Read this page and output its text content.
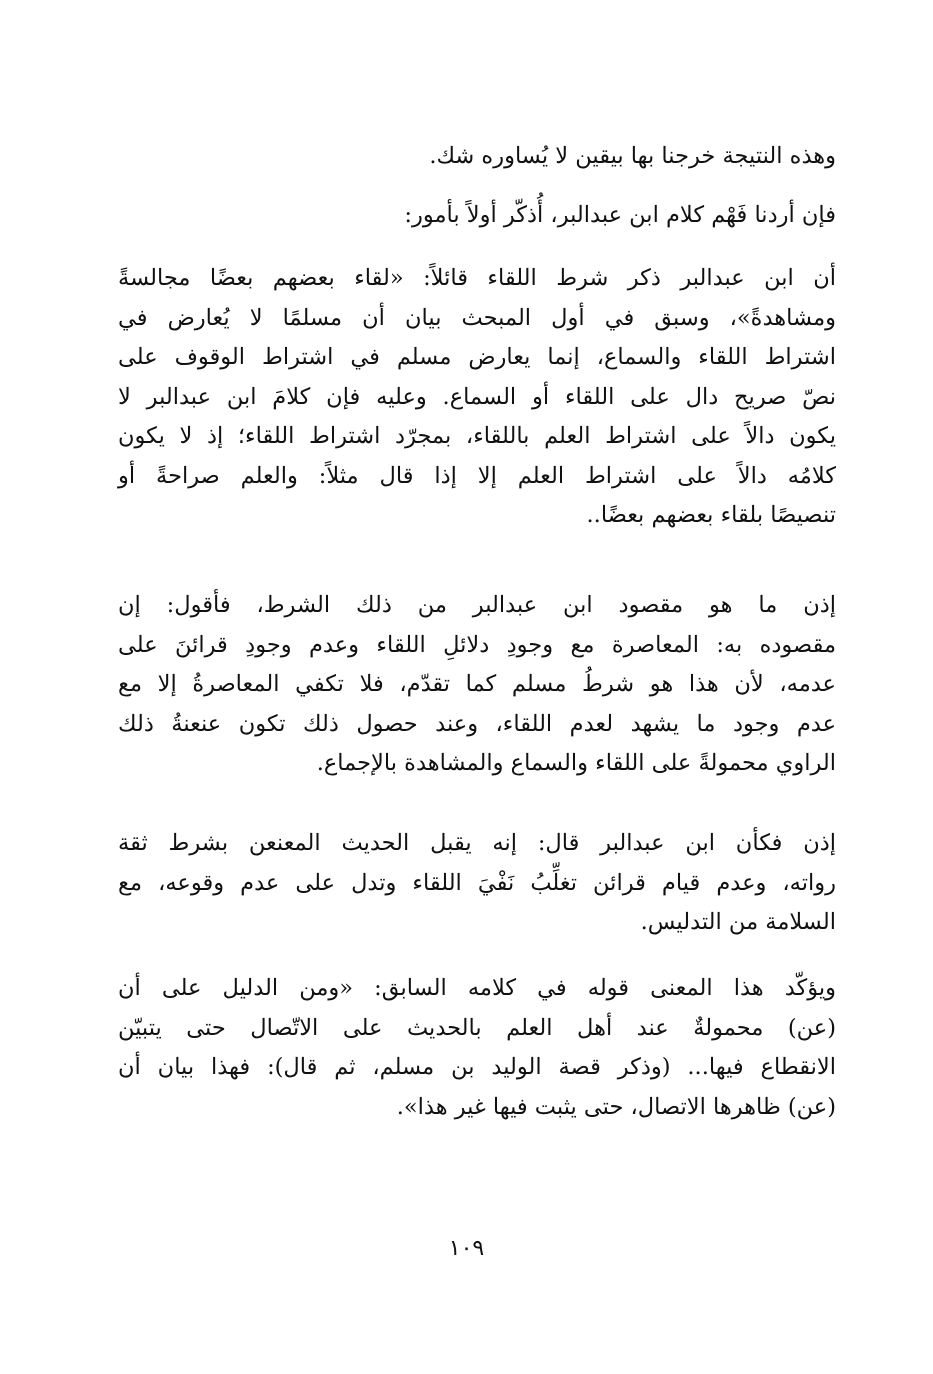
وهذه النتيجة خرجنا بها بيقين لا يُساوره شك.
فإن أردنا فَهْم كلام ابن عبدالبر، أُذكّر أولاً بأمور:
أن ابن عبدالبر ذكر شرط اللقاء قائلاً: «لقاء بعضهم بعضًا مجالسةً
ومشاهدةً»، وسبق في أول المبحث بيان أن مسلمًا لا يُعارض في
اشتراط اللقاء والسماع، إنما يعارض مسلم في اشتراط الوقوف على
نصّ صريح دال على اللقاء أو السماع. وعليه فإن كلامَ ابن عبدالبر لا
يكون دالاً على اشتراط العلم باللقاء، بمجرّد اشتراط اللقاء؛ إذ لا يكون
كلامُه دالاً على اشتراط العلم إلا إذا قال مثلاً: والعلم صراحةً أو
تنصيصًا بلقاء بعضهم بعضًا..
إذن ما هو مقصود ابن عبدالبر من ذلك الشرط، فأقول: إن
مقصوده به: المعاصرة مع وجودِ دلائلِ اللقاء وعدم وجودِ قرائنَ على
عدمه، لأن هذا هو شرطُ مسلم كما تقدّم، فلا تكفي المعاصرةُ إلا مع
عدم وجود ما يشهد لعدم اللقاء، وعند حصول ذلك تكون عنعنةُ ذلك
الراوي محمولةً على اللقاء والسماع والمشاهدة بالإجماع.
إذن فكأن ابن عبدالبر قال: إنه يقبل الحديث المعنعن بشرط ثقة
رواته، وعدم قيام قرائن تغلِّبُ نَفْيَ اللقاء وتدل على عدم وقوعه، مع
السلامة من التدليس.
ويؤكّد هذا المعنى قوله في كلامه السابق: «ومن الدليل على أن
(عن) محمولةٌ عند أهل العلم بالحديث على الاتّصال حتى يتبيّن
الانقطاع فيها... (وذكر قصة الوليد بن مسلم، ثم قال): فهذا بيان أن
(عن) ظاهرها الاتصال، حتى يثبت فيها غير هذا».
١٠٩
